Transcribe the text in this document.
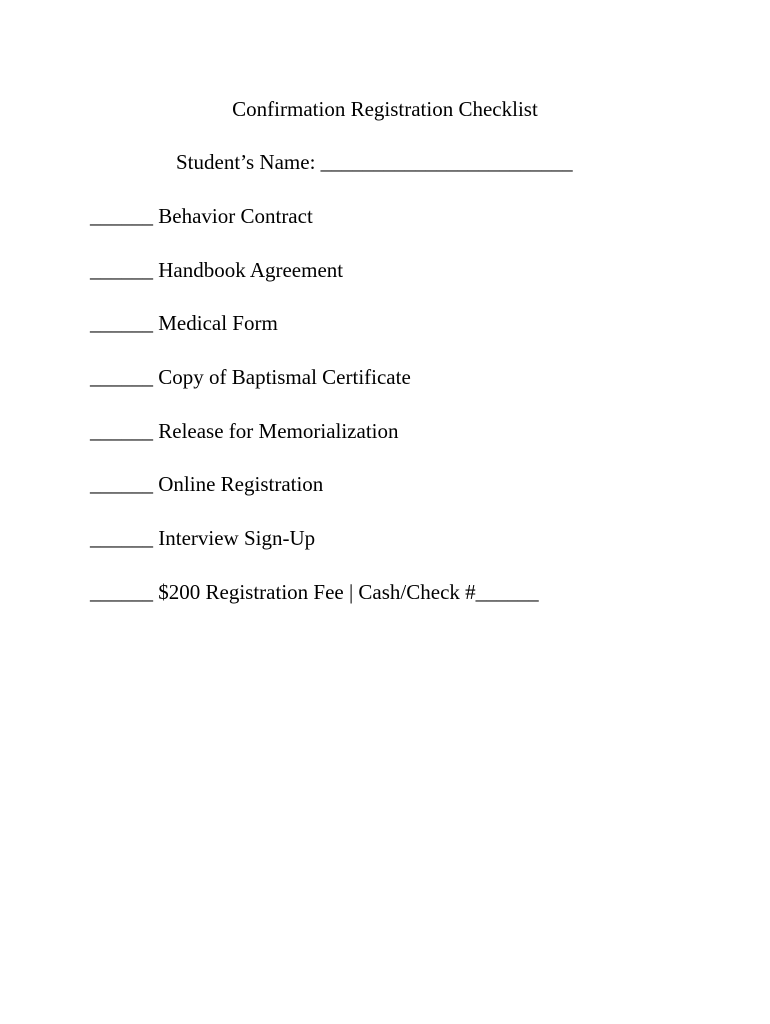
Confirmation Registration Checklist
Student’s Name: ________________________
______ Behavior Contract
______ Handbook Agreement
______ Medical Form
______ Copy of Baptismal Certificate
______ Release for Memorialization
______ Online Registration
______ Interview Sign-Up
______ $200 Registration Fee | Cash/Check #______
